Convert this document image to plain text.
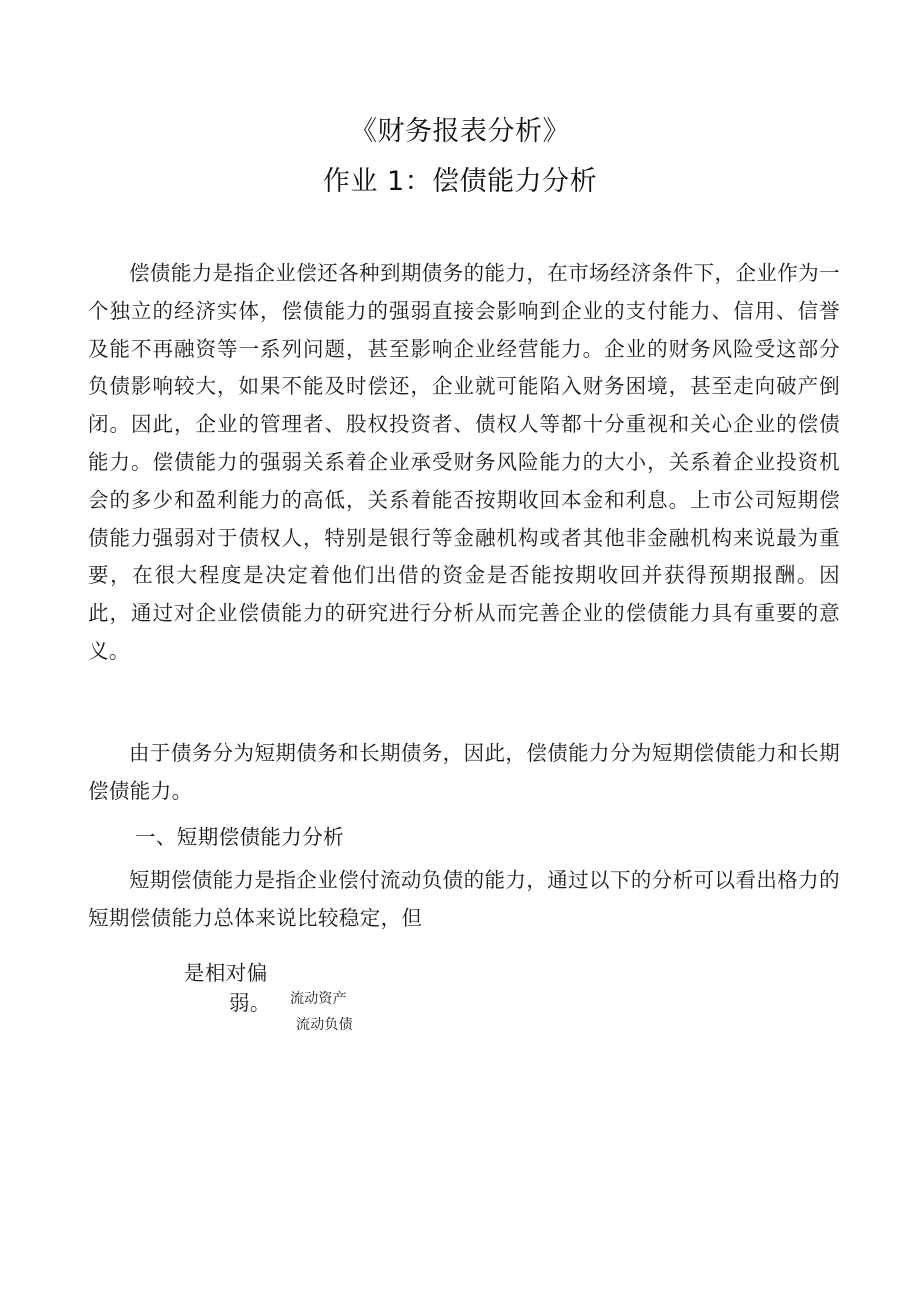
《财务报表分析》
作业 1：偿债能力分析

偿债能力是指企业偿还各种到期债务的能力，在市场经济条件下，企业作为一个独立的经济实体，偿债能力的强弱直接会影响到企业的支付能力、信用、信誉及能不再融资等一系列问题，甚至影响企业经营能力。企业的财务风险受这部分负债影响较大，如果不能及时偿还，企业就可能陷入财务困境，甚至走向破产倒闭。因此，企业的管理者、股权投资者、债权人等都十分重视和关心企业的偿债能力。偿债能力的强弱关系着企业承受财务风险能力的大小，关系着企业投资机会的多少和盈利能力的高低，关系着能否按期收回本金和利息。上市公司短期偿债能力强弱对于债权人，特别是银行等金融机构或者其他非金融机构来说最为重要，在很大程度是决定着他们出借的资金是否能按期收回并获得预期报酬。因此，通过对企业偿债能力的研究进行分析从而完善企业的偿债能力具有重要的意义。

由于债务分为短期债务和长期债务，因此，偿债能力分为短期偿债能力和长期偿债能力。

一、短期偿债能力分析

短期偿债能力是指企业偿付流动负债的能力，通过以下的分析可以看出格力的短期偿债能力总体来说比较稳定，但

是相对偏
弱。 流动资产
流动负债
